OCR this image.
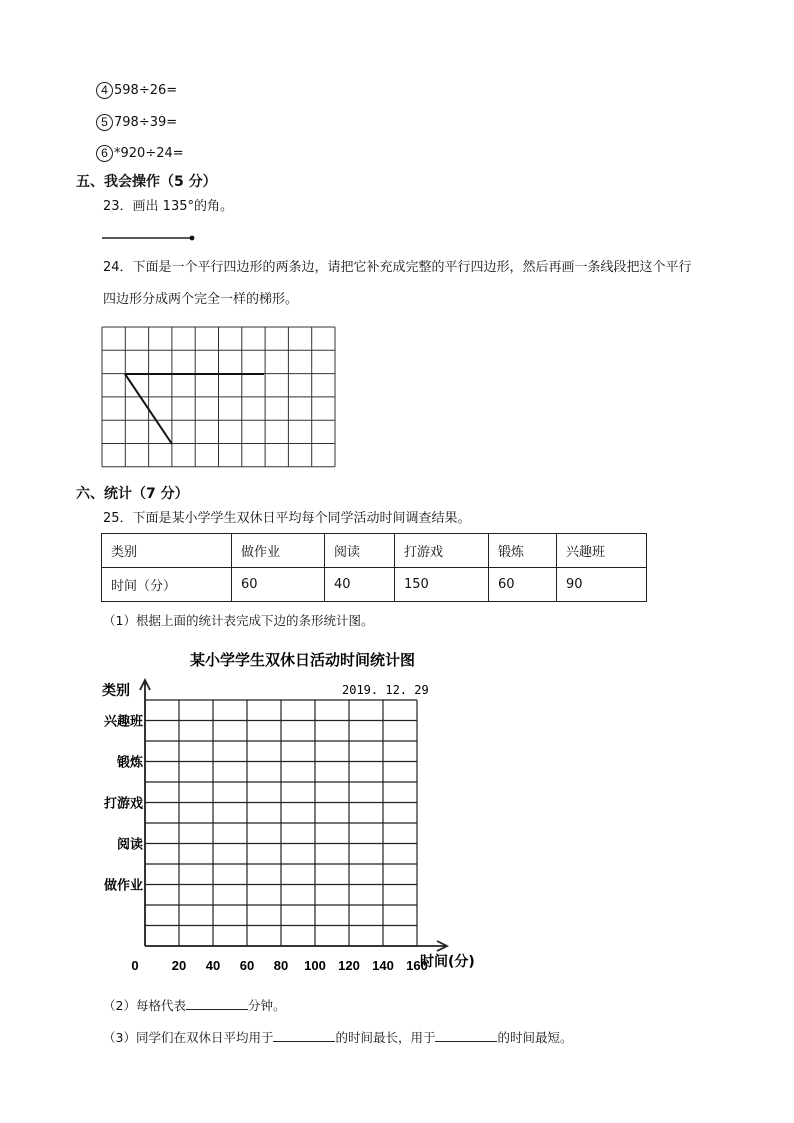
4 598÷26=
5 798÷39=
6 *920÷24=
五、我会操作（5 分）
23．画出 135°的角。
24．下面是一个平行四边形的两条边，请把它补充成完整的平行四边形，然后再画一条线段把这个平行
四边形分成两个完全一样的梯形。
六、统计（7 分）
25．下面是某小学学生双休日平均每个同学活动时间调查结果。
类别	做作业	阅读	打游戏	锻炼	兴趣班
时间（分）	60	40	150	60	90
（1）根据上面的统计表完成下边的条形统计图。
某小学学生双休日活动时间统计图
类别	2019. 12. 29
时间(分)
兴趣班
锻炼
打游戏
阅读
做作业
0	20 40 60 80 100 120 140 160
（2）每格代表	分钟。
（3）同学们在双休日平均用于	的时间最长，用于	的时间最短。
